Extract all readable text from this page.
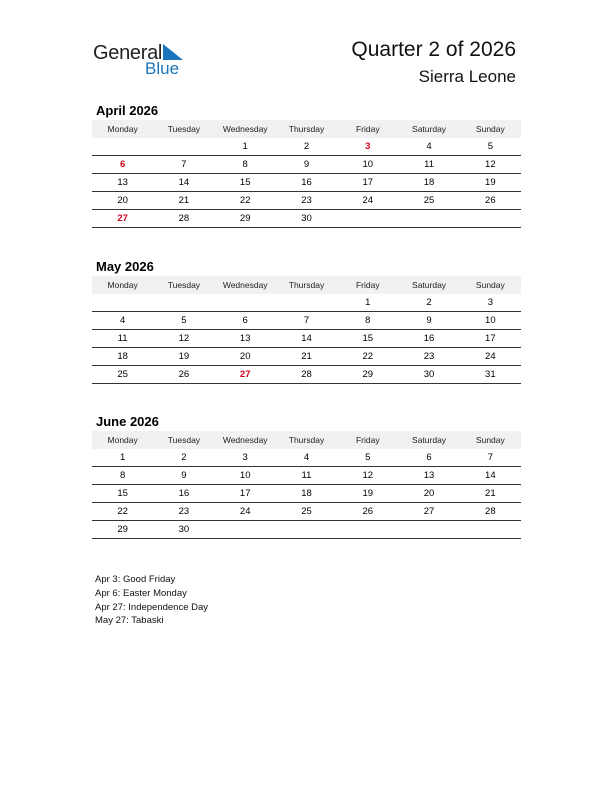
General
Blue
Quarter 2 of 2026
Sierra Leone
April 2026
Monday	Tuesday	Wednesday	Thursday	Friday	Saturday	Sunday
		1	2	3	4	5
6	7	8	9	10	11	12
13	14	15	16	17	18	19
20	21	22	23	24	25	26
27	28	29	30			
May 2026
Monday	Tuesday	Wednesday	Thursday	Friday	Saturday	Sunday
				1	2	3
4	5	6	7	8	9	10
11	12	13	14	15	16	17
18	19	20	21	22	23	24
25	26	27	28	29	30	31
June 2026
Monday	Tuesday	Wednesday	Thursday	Friday	Saturday	Sunday
1	2	3	4	5	6	7
8	9	10	11	12	13	14
15	16	17	18	19	20	21
22	23	24	25	26	27	28
29	30					
Apr 3: Good Friday
Apr 6: Easter Monday
Apr 27: Independence Day
May 27: Tabaski
